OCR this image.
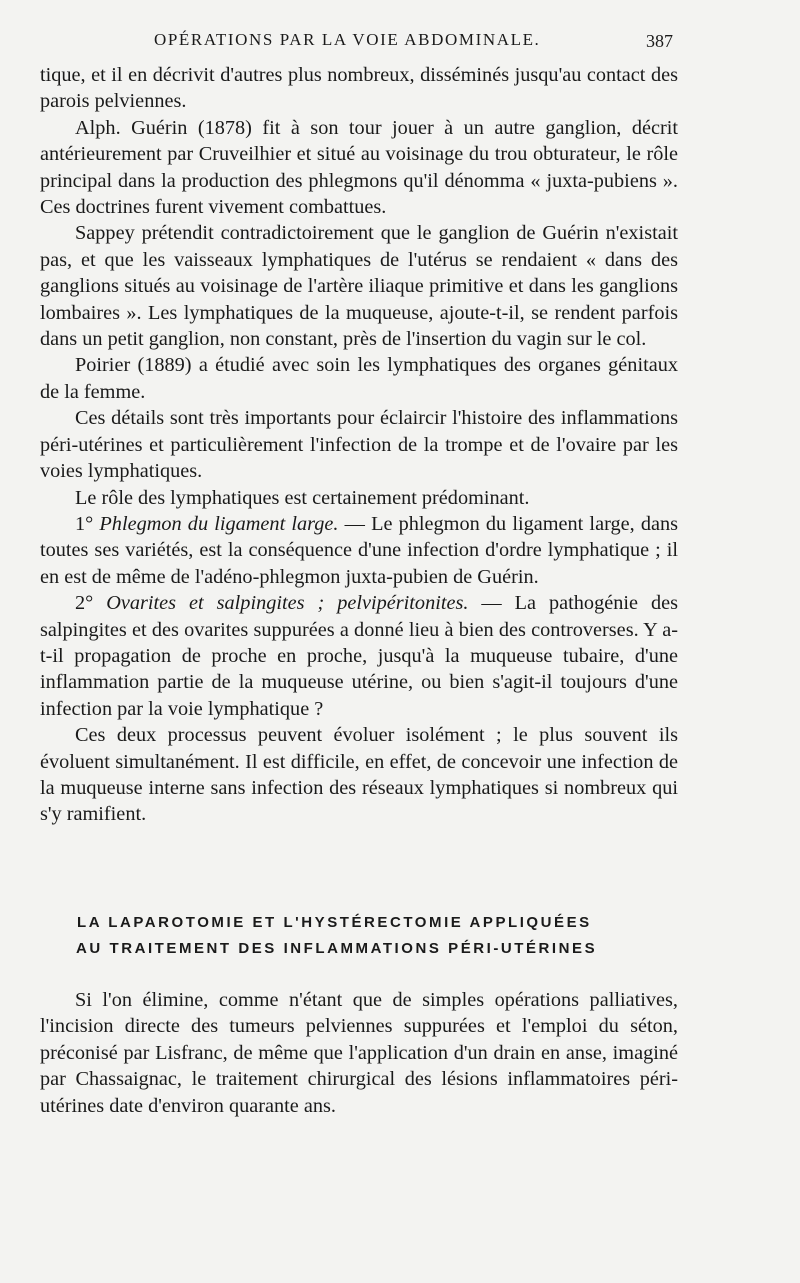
OPÉRATIONS PAR LA VOIE ABDOMINALE.	387

tique, et il en décrivit d'autres plus nombreux, disséminés jusqu'au contact des parois pelviennes.

Alph. Guérin (1878) fit à son tour jouer à un autre ganglion, décrit antérieurement par Cruveilhier et situé au voisinage du trou obturateur, le rôle principal dans la production des phlegmons qu'il dénomma « juxta-pubiens ». Ces doctrines furent vivement combattues.

Sappey prétendit contradictoirement que le ganglion de Guérin n'existait pas, et que les vaisseaux lymphatiques de l'utérus se rendaient « dans des ganglions situés au voisinage de l'artère iliaque primitive et dans les ganglions lombaires ». Les lymphatiques de la muqueuse, ajoute-t-il, se rendent parfois dans un petit ganglion, non constant, près de l'insertion du vagin sur le col.

Poirier (1889) a étudié avec soin les lymphatiques des organes génitaux de la femme.

Ces détails sont très importants pour éclaircir l'histoire des inflammations péri-utérines et particulièrement l'infection de la trompe et de l'ovaire par les voies lymphatiques.

Le rôle des lymphatiques est certainement prédominant.

1° Phlegmon du ligament large. — Le phlegmon du ligament large, dans toutes ses variétés, est la conséquence d'une infection d'ordre lymphatique ; il en est de même de l'adéno-phlegmon juxta-pubien de Guérin.

2° Ovarites et salpingites ; pelvipéritonites. — La pathogénie des salpingites et des ovarites suppurées a donné lieu à bien des controverses. Y a-t-il propagation de proche en proche, jusqu'à la muqueuse tubaire, d'une inflammation partie de la muqueuse utérine, ou bien s'agit-il toujours d'une infection par la voie lymphatique ?

Ces deux processus peuvent évoluer isolément ; le plus souvent ils évoluent simultanément. Il est difficile, en effet, de concevoir une infection de la muqueuse interne sans infection des réseaux lymphatiques si nombreux qui s'y ramifient.

LA LAPAROTOMIE ET L'HYSTÉRECTOMIE APPLIQUÉES
AU TRAITEMENT DES INFLAMMATIONS PÉRI-UTÉRINES

Si l'on élimine, comme n'étant que de simples opérations palliatives, l'incision directe des tumeurs pelviennes suppurées et l'emploi du séton, préconisé par Lisfranc, de même que l'application d'un drain en anse, imaginé par Chassaignac, le traitement chirurgical des lésions inflammatoires péri-utérines date d'environ quarante ans.
